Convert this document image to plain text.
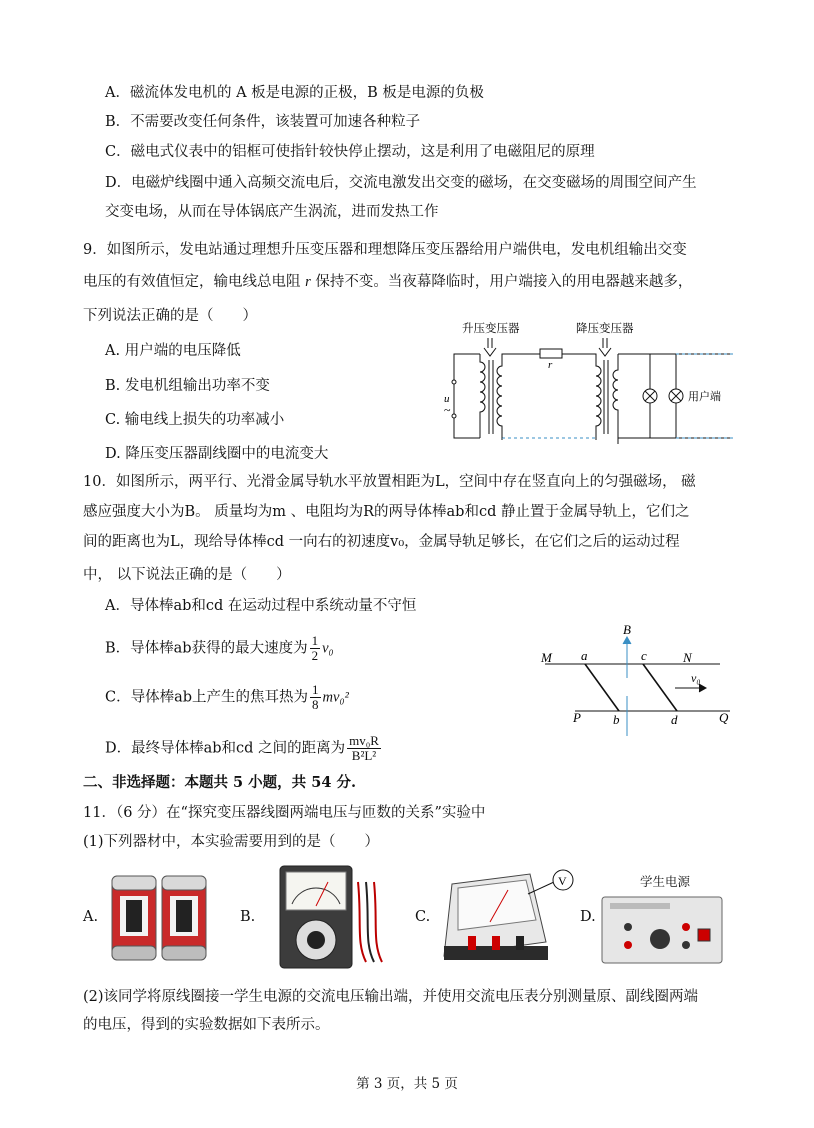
A．磁流体发电机的 A 板是电源的正极，B 板是电源的负极
B．不需要改变任何条件，该装置可加速各种粒子
C．磁电式仪表中的铝框可使指针较快停止摆动，这是利用了电磁阻尼的原理
D．电磁炉线圈中通入高频交流电后，交流电激发出交变的磁场，在交变磁场的周围空间产生
交变电场，从而在导体锅底产生涡流，进而发热工作
9．如图所示，发电站通过理想升压变压器和理想降压变压器给用户端供电，发电机组输出交变
电压的有效值恒定，输电线总电阻 r 保持不变。当夜幕降临时，用户端接入的用电器越来越多，
下列说法正确的是（　　）
A. 用户端的电压降低
B. 发电机组输出功率不变
C. 输电线上损失的功率减小
D. 降压变压器副线圈中的电流变大
升压变压器	降压变压器
r
u
~
用户端
10．如图所示，两平行、光滑金属导轨水平放置相距为L，空间中存在竖直向上的匀强磁场， 磁
感应强度大小为B。 质量均为m 、电阻均为R的两导体棒ab和cd 静止置于金属导轨上，它们之
间的距离也为L，现给导体棒cd 一向右的初速度v₀，金属导轨足够长，在它们之后的运动过程
中， 以下说法正确的是（　　）
A．导体棒ab和cd 在运动过程中系统动量不守恒
B．导体棒ab获得的最大速度为 $\frac{1}{2} v_0$
C．导体棒ab上产生的焦耳热为 $\frac{1}{8} mv_0^2$
D．最终导体棒ab和cd 之间的距离为 $\frac{\text{mv₀R}}{\text{B²L²}}$
B
M a	c	N
v₀
P b	d	Q
二、非选择题：本题共 5 小题，共 54 分.
11．（6 分）在“探究变压器线圈两端电压与匝数的关系”实验中
(1)下列器材中，本实验需要用到的是（　　）
A.	B.	C.
V
D.
学生电源
(2)该同学将原线圈接一学生电源的交流电压输出端，并使用交流电压表分别测量原、副线圈两端
的电压，得到的实验数据如下表所示。
第 3 页，共 5 页
